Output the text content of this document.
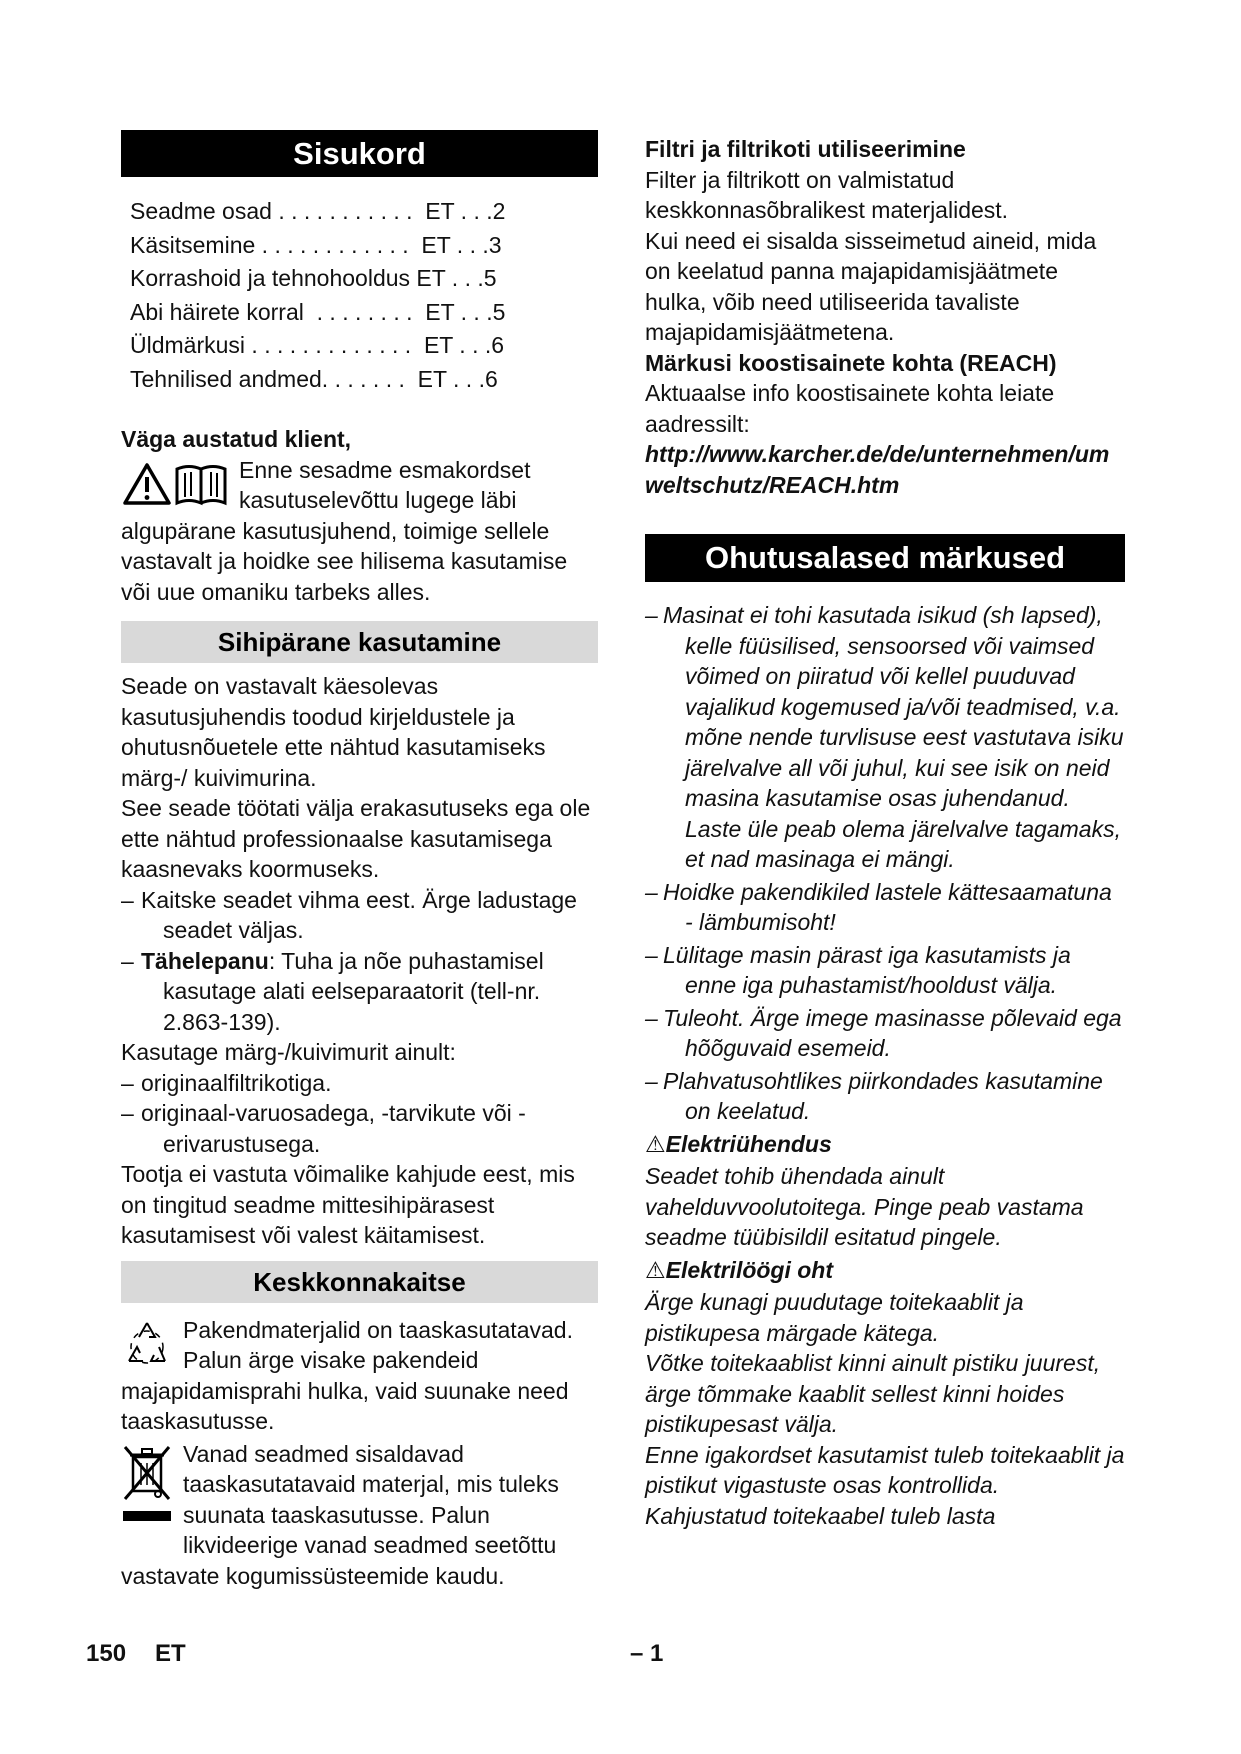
Sisukord
Seadme osad . . . . . . . . . . .  ET . . .2
Käsitsemine . . . . . . . . . . . .  ET . . .3
Korrashoid ja tehnohooldus ET . . .5
Abi häirete korral  . . . . . . . .  ET . . .5
Üldmärkusi . . . . . . . . . . . . .  ET . . .6
Tehnilised andmed. . . . . . .  ET . . .6

Väga austatud klient,

Enne sesadme esmakordset kasutuselevõttu lugege läbi algupärane kasutusjuhend, toimige sellele vastavalt ja hoidke see hilisema kasutamise või uue omaniku tarbeks alles.

Sihipärane kasutamine

Seade on vastavalt käesolevas kasutusjuhendis toodud kirjeldustele ja ohutusnõuetele ette nähtud kasutamiseks märg-/ kuivimurina.

See seade töötati välja erakasutuseks ega ole ette nähtud professionaalse kasutamisega kaasnevaks koormuseks.

– Kaitske seadet vihma eest. Ärge ladustage seadet väljas.

– Tähelepanu: Tuha ja nõe puhastamisel kasutage alati eelseparaatorit (tell-nr. 2.863-139).

Kasutage märg-/kuivimurit ainult:

– originaalfiltrikotiga.

– originaal-varuosadega, -tarvikute või -erivarustusega.

Tootja ei vastuta võimalike kahjude eest, mis on tingitud seadme mittesihipärasest kasutamisest või valest käitamisest.

Keskkonnakaitse

Pakendmaterjalid on taaskasutatavad. Palun ärge visake pakendeid majapidamisprahi hulka, vaid suunake need taaskasutusse.

Vanad seadmed sisaldavad taaskasutatavaid materjal, mis tuleks suunata taaskasutusse. Palun likvideerige vanad seadmed seetõttu vastavate kogumissüsteemide kaudu.

Filtri ja filtrikoti utiliseerimine

Filter ja filtrikott on valmistatud keskkonnasõbralikest materjalidest.

Kui need ei sisalda sisseimetud aineid, mida on keelatud panna majapidamisjäätmete hulka, võib need utiliseerida tavaliste majapidamisjäätmetena.

Märkusi koostisainete kohta (REACH)

Aktuaalse info koostisainete kohta leiate aadressilt:

http://www.karcher.de/de/unternehmen/umweltschutz/REACH.htm

Ohutusalased märkused

– Masinat ei tohi kasutada isikud (sh lapsed), kelle füüsilised, sensoorsed või vaimsed võimed on piiratud või kellel puuduvad vajalikud kogemused ja/või teadmised, v.a. mõne nende turvlisuse eest vastutava isiku järelvalve all või juhul, kui see isik on neid masina kasutamise osas juhendanud. Laste üle peab olema järelvalve tagamaks, et nad masinaga ei mängi.

– Hoidke pakendikiled lastele kättesaamatuna - lämbumisoht!

– Lülitage masin pärast iga kasutamists ja enne iga puhastamist/hooldust välja.

– Tuleoht. Ärge imege masinasse põlevaid ega hõõguvaid esemeid.

– Plahvatusohtlikes piirkondades kasutamine on keelatud.

⚠Elektriühendus

Seadet tohib ühendada ainult vahelduvvoolutoitega. Pinge peab vastama seadme tüübisildil esitatud pingele.

⚠Elektrilöögi oht

Ärge kunagi puudutage toitekaablit ja pistikupesa märgade kätega.

Võtke toitekaablist kinni ainult pistiku juurest, ärge tõmmake kaablit sellest kinni hoides pistikupesast välja.

Enne igakordset kasutamist tuleb toitekaablit ja pistikut vigastuste osas kontrollida. Kahjustatud toitekaabel tuleb lasta

150 ET	– 1
